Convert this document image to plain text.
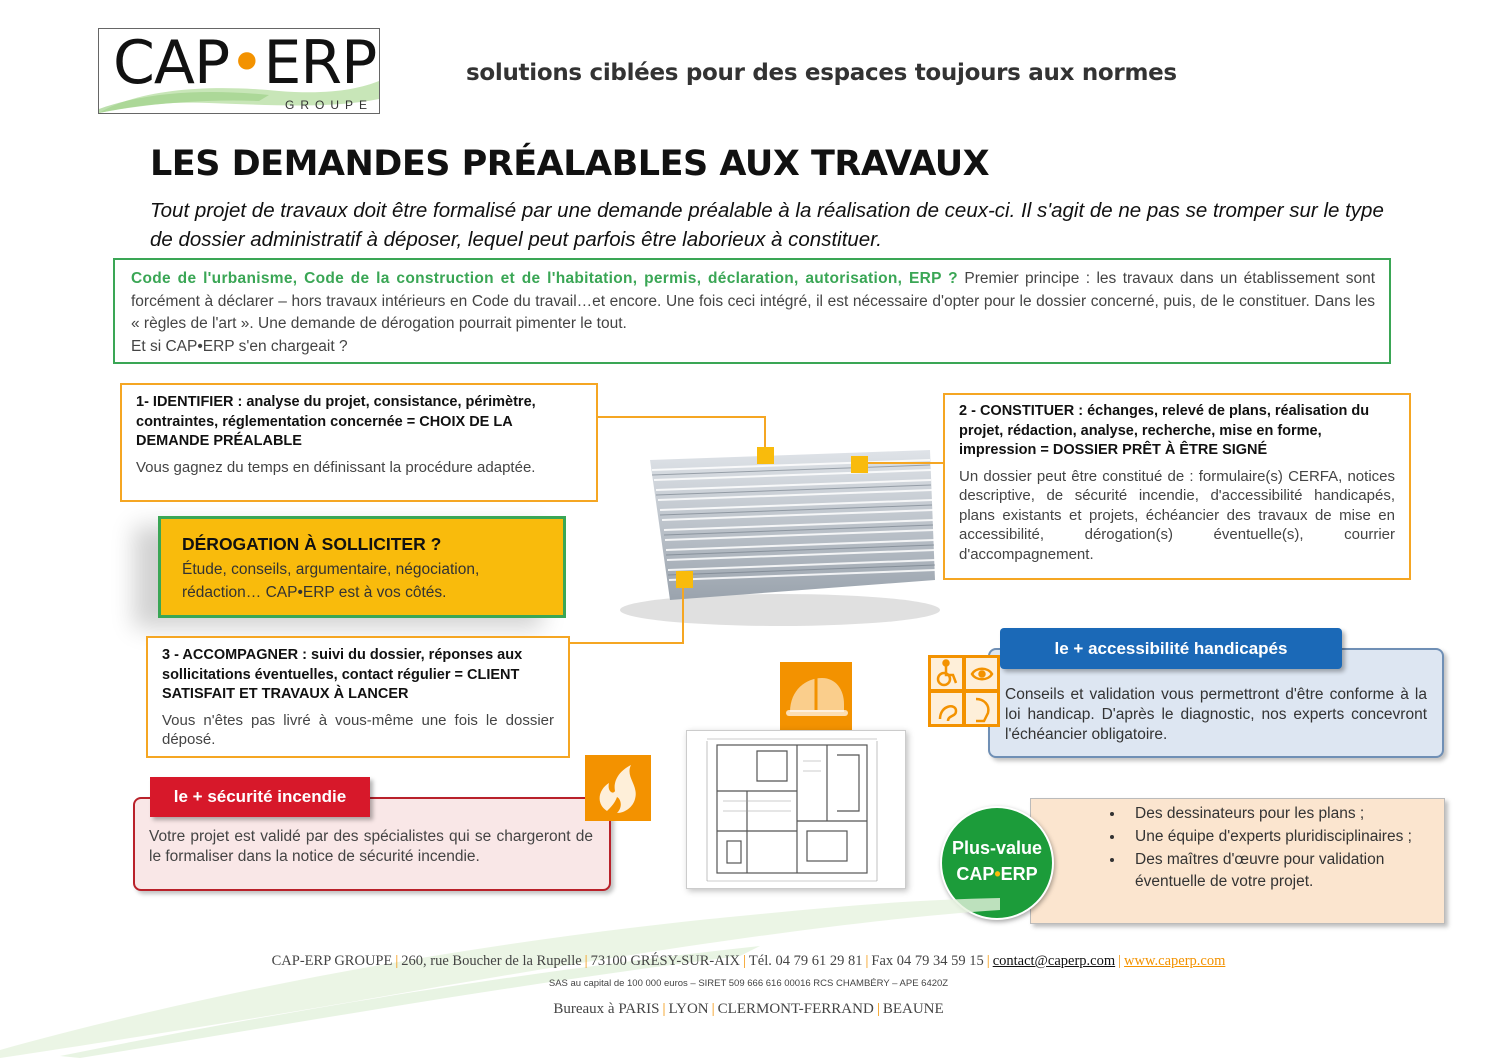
CAP•ERP
GROUPE
solutions ciblées pour des espaces toujours aux normes
LES DEMANDES PRÉALABLES AUX TRAVAUX
Tout projet de travaux doit être formalisé par une demande préalable à la réalisation de ceux-ci. Il s'agit de ne pas se tromper sur le type de dossier administratif à déposer, lequel peut parfois être laborieux à constituer.
Code de l'urbanisme, Code de la construction et de l'habitation, permis, déclaration, autorisation, ERP ? Premier principe : les travaux dans un établissement sont forcément à déclarer – hors travaux intérieurs en Code du travail…et encore. Une fois ceci intégré, il est nécessaire d'opter pour le dossier concerné, puis, de le constituer. Dans les « règles de l'art ». Une demande de dérogation pourrait pimenter le tout.
Et si CAP•ERP s'en chargeait ?
1- IDENTIFIER : analyse du projet, consistance, périmètre, contraintes, réglementation concernée = CHOIX DE LA DEMANDE PRÉALABLE
Vous gagnez du temps en définissant la procédure adaptée.
2 - CONSTITUER : échanges, relevé de plans, réalisation du projet, rédaction, analyse, recherche, mise en forme, impression = DOSSIER PRÊT À ÊTRE SIGNÉ
Un dossier peut être constitué de : formulaire(s) CERFA, notices descriptive, de sécurité incendie, d'accessibilité handicapés, plans existants et projets, échéancier des travaux de mise en accessibilité, dérogation(s) éventuelle(s), courrier d'accompagnement.
DÉROGATION À SOLLICITER ?
Étude, conseils, argumentaire, négociation, rédaction… CAP•ERP est à vos côtés.
3 - ACCOMPAGNER : suivi du dossier, réponses aux sollicitations éventuelles, contact régulier = CLIENT SATISFAIT ET TRAVAUX À LANCER
Vous n'êtes pas livré à vous-même une fois le dossier déposé.
Conseils et validation vous permettront d'être conforme à la loi handicap. D'après le diagnostic, nos experts concevront l'échéancier obligatoire.
le + accessibilité handicapés
Votre projet est validé par des spécialistes qui se chargeront de le formaliser dans la notice de sécurité incendie.
le + sécurité incendie
• Des dessinateurs pour les plans ;
• Une équipe d'experts pluridisciplinaires ;
• Des maîtres d'œuvre pour validation éventuelle de votre projet.
Plus-value
CAP•ERP
CAP-ERP GROUPE | 260, rue Boucher de la Rupelle | 73100 GRÉSY-SUR-AIX | Tél. 04 79 61 29 81 | Fax 04 79 34 59 15 | contact@caperp.com | www.caperp.com
SAS au capital de 100 000 euros – SIRET 509 666 616 00016 RCS CHAMBÉRY – APE 6420Z
Bureaux à PARIS | LYON | CLERMONT-FERRAND | BEAUNE
